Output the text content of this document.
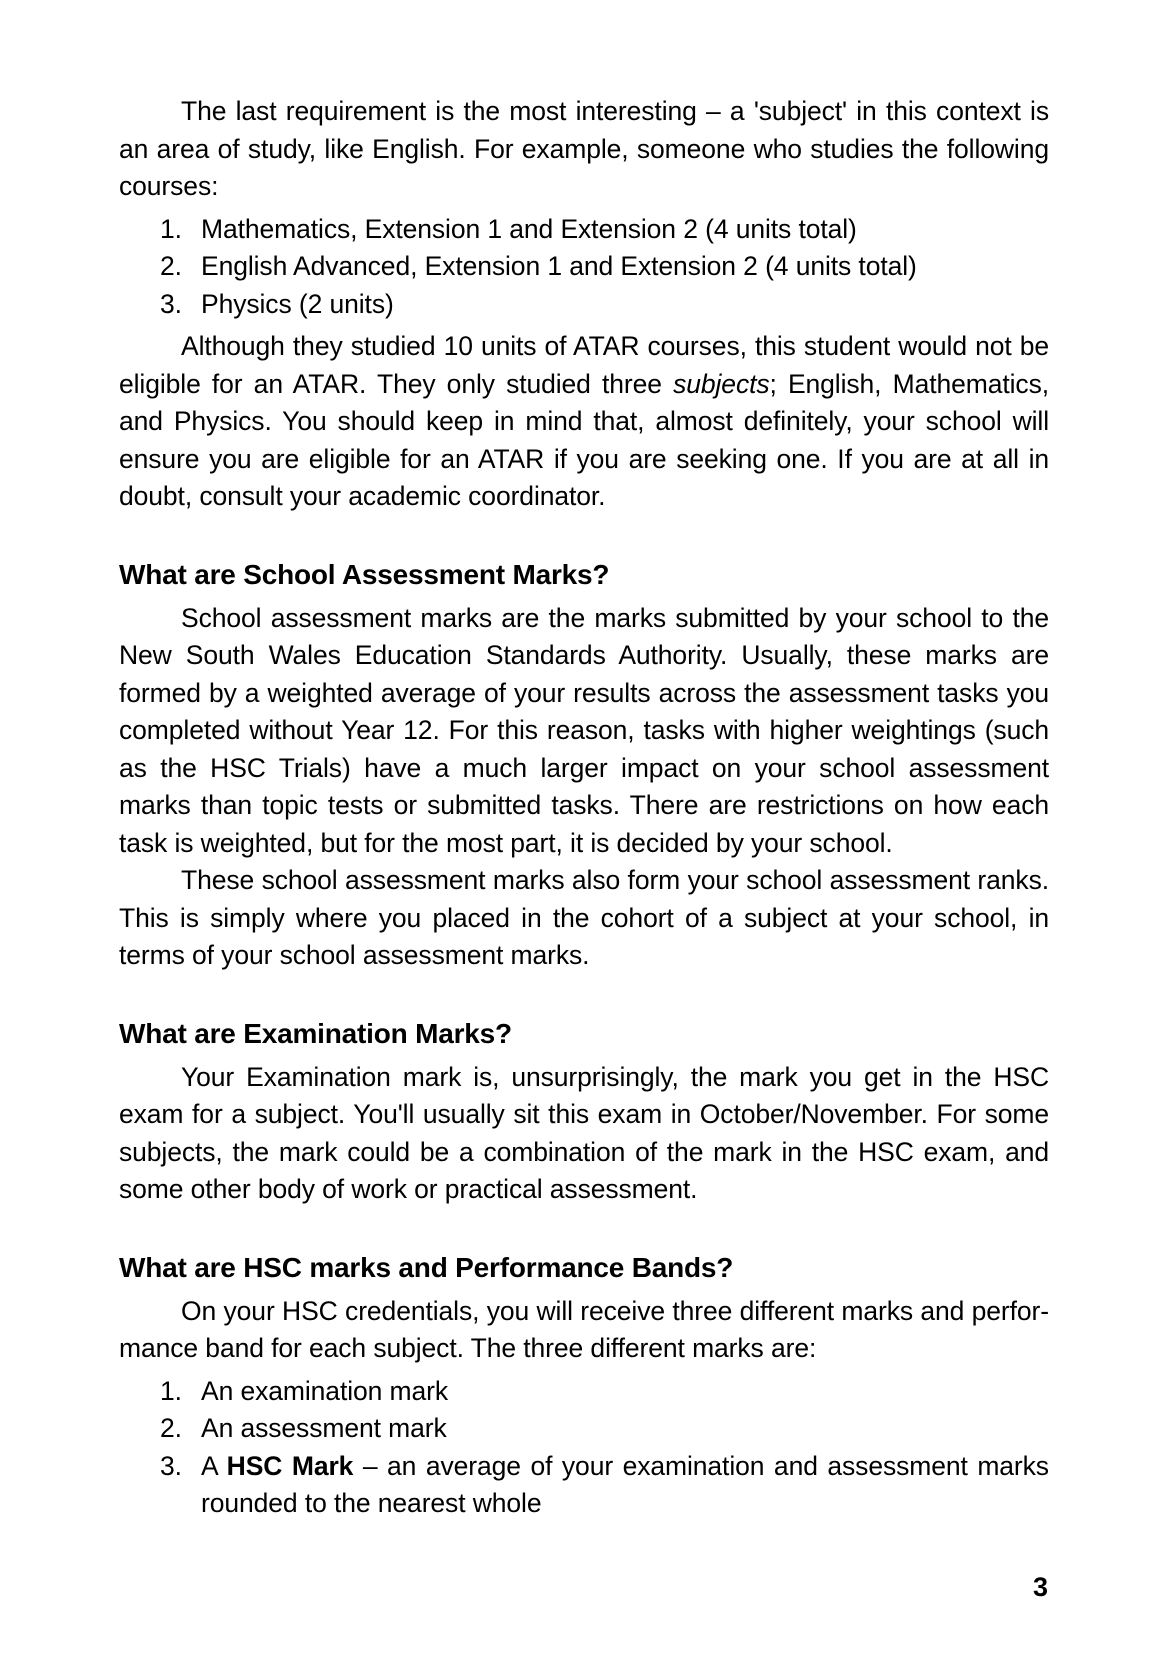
The last requirement is the most interesting – a 'subject' in this context is an area of study, like English. For example, someone who studies the following courses:

1. Mathematics, Extension 1 and Extension 2 (4 units total)
2. English Advanced, Extension 1 and Extension 2 (4 units total)
3. Physics (2 units)

Although they studied 10 units of ATAR courses, this student would not be eligible for an ATAR. They only studied three subjects; English, Mathematics, and Physics. You should keep in mind that, almost definitely, your school will ensure you are eligible for an ATAR if you are seeking one. If you are at all in doubt, consult your academic coordinator.

What are School Assessment Marks?

School assessment marks are the marks submitted by your school to the New South Wales Education Standards Authority. Usually, these marks are formed by a weighted average of your results across the assessment tasks you completed without Year 12. For this reason, tasks with higher weightings (such as the HSC Trials) have a much larger impact on your school assessment marks than topic tests or submitted tasks. There are restrictions on how each task is weighted, but for the most part, it is decided by your school.

These school assessment marks also form your school assessment ranks. This is simply where you placed in the cohort of a subject at your school, in terms of your school assessment marks.

What are Examination Marks?

Your Examination mark is, unsurprisingly, the mark you get in the HSC exam for a subject. You'll usually sit this exam in October/November. For some subjects, the mark could be a combination of the mark in the HSC exam, and some other body of work or practical assessment.

What are HSC marks and Performance Bands?

On your HSC credentials, you will receive three different marks and perfor-mance band for each subject. The three different marks are:

1. An examination mark
2. An assessment mark
3. A HSC Mark – an average of your examination and assessment marks rounded to the nearest whole
3
